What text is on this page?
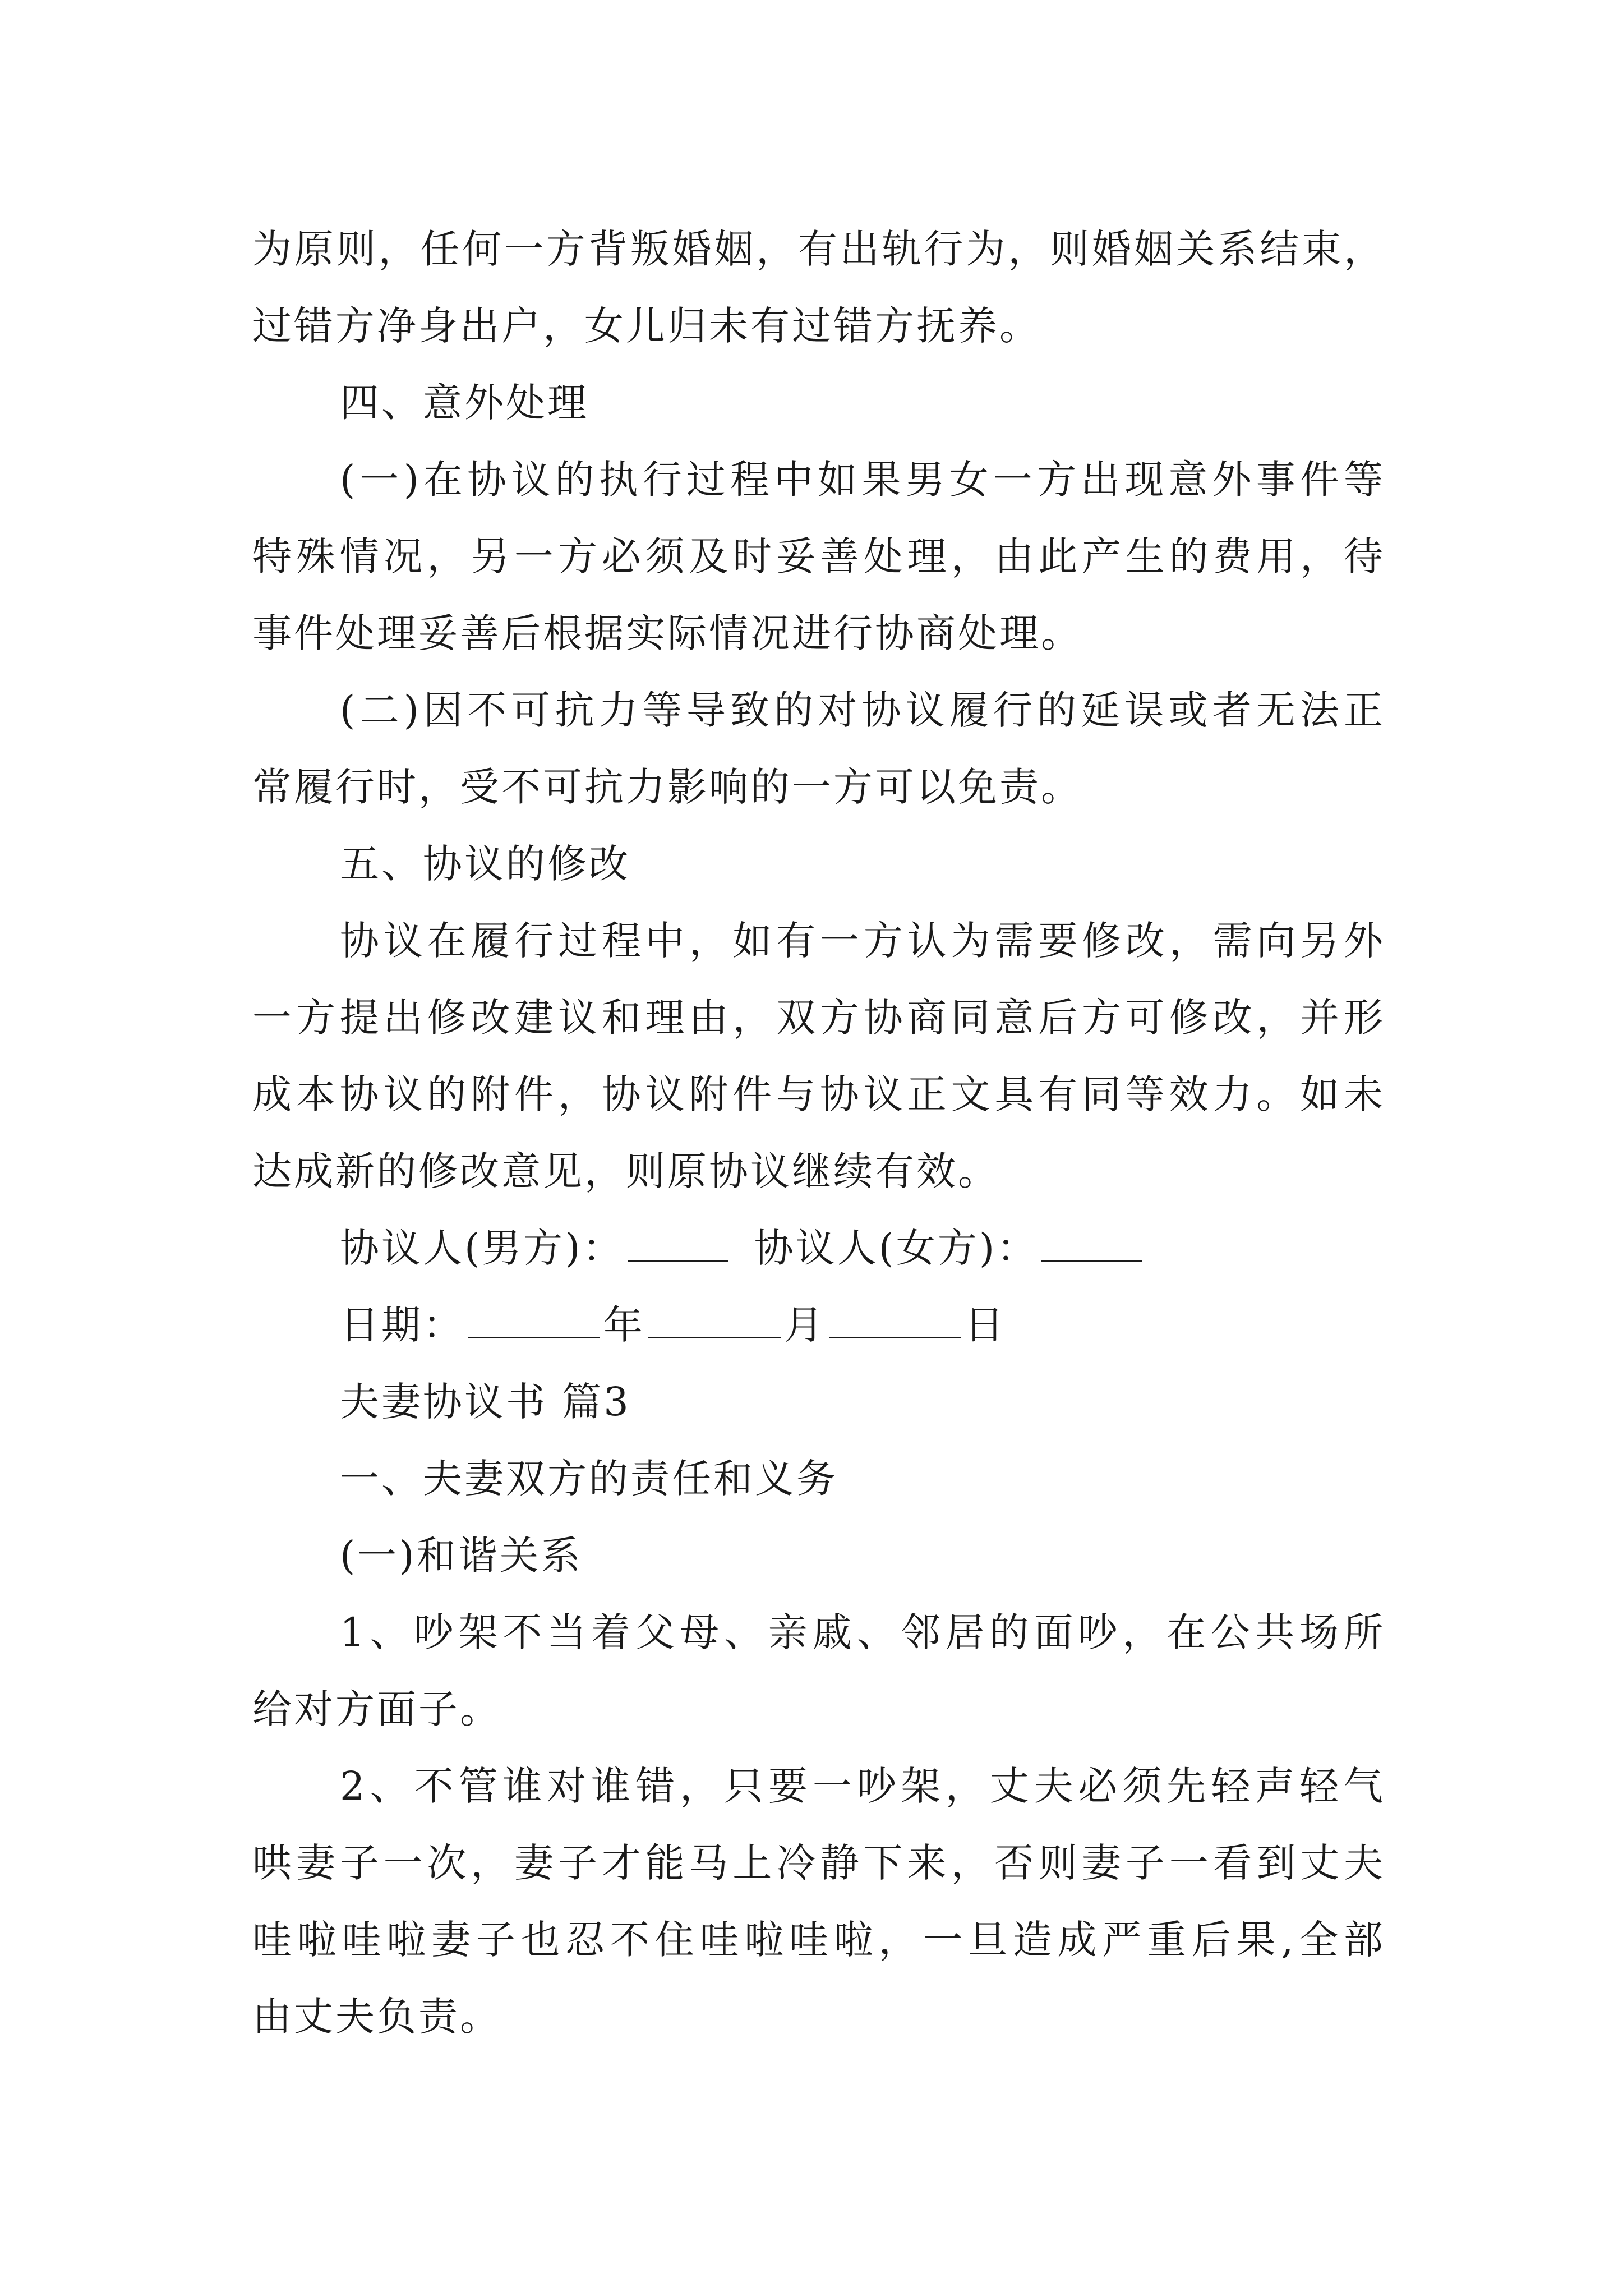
为原则，任何一方背叛婚姻，有出轨行为，则婚姻关系结束，
过错方净身出户，女儿归未有过错方抚养。
四、意外处理
(一)在协议的执行过程中如果男女一方出现意外事件等
特殊情况，另一方必须及时妥善处理，由此产生的费用，待
事件处理妥善后根据实际情况进行协商处理。
(二)因不可抗力等导致的对协议履行的延误或者无法正
常履行时，受不可抗力影响的一方可以免责。
五、协议的修改
协议在履行过程中，如有一方认为需要修改，需向另外
一方提出修改建议和理由，双方协商同意后方可修改，并形
成本协议的附件，协议附件与协议正文具有同等效力。如未
达成新的修改意见，则原协议继续有效。
协议人(男方)：	协议人(女方)：
日期：	年	月	日
夫妻协议书 篇3
一、夫妻双方的责任和义务
(一)和谐关系
1、吵架不当着父母、亲戚、邻居的面吵，在公共场所
给对方面子。
2、不管谁对谁错，只要一吵架，丈夫必须先轻声轻气
哄妻子一次，妻子才能马上冷静下来，否则妻子一看到丈夫
哇啦哇啦妻子也忍不住哇啦哇啦，一旦造成严重后果,全部
由丈夫负责。
